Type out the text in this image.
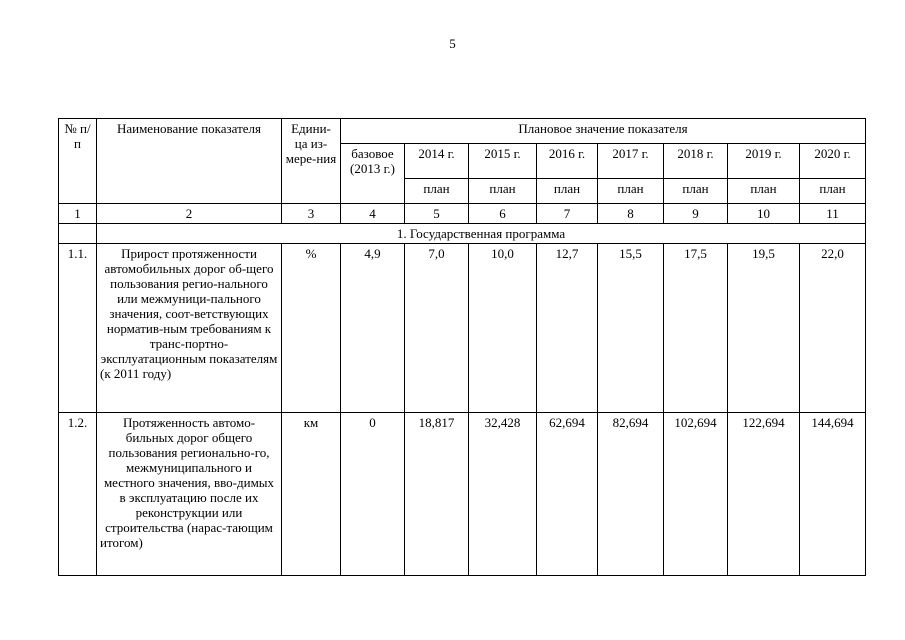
5
№ п/п	Наименование показателя	Едини-ца из-мере-ния	Плановое значение показателя							
			базовое (2013 г.)	2014 г.	2015 г.	2016 г.	2017 г.	2018 г.	2019 г.	2020 г.
				план	план	план	план	план	план	план
1	2	3	4	5	6	7	8	9	10	11
	1. Государственная программа									
1.1.	Прирост протяженности автомобильных дорог об-щего пользования регио-нального или межмуници-пального значения, соот-ветствующих норматив-ным требованиям к транс-портно-эксплуатационным показателям (к 2011 году)	%	4,9	7,0	10,0	12,7	15,5	17,5	19,5	22,0
1.2.	Протяженность автомо-бильных дорог общего пользования регионально-го, межмуниципального и местного значения, вво-димых в эксплуатацию после их реконструкции или строительства (нарас-тающим итогом)	км	0	18,817	32,428	62,694	82,694	102,694	122,694	144,694
